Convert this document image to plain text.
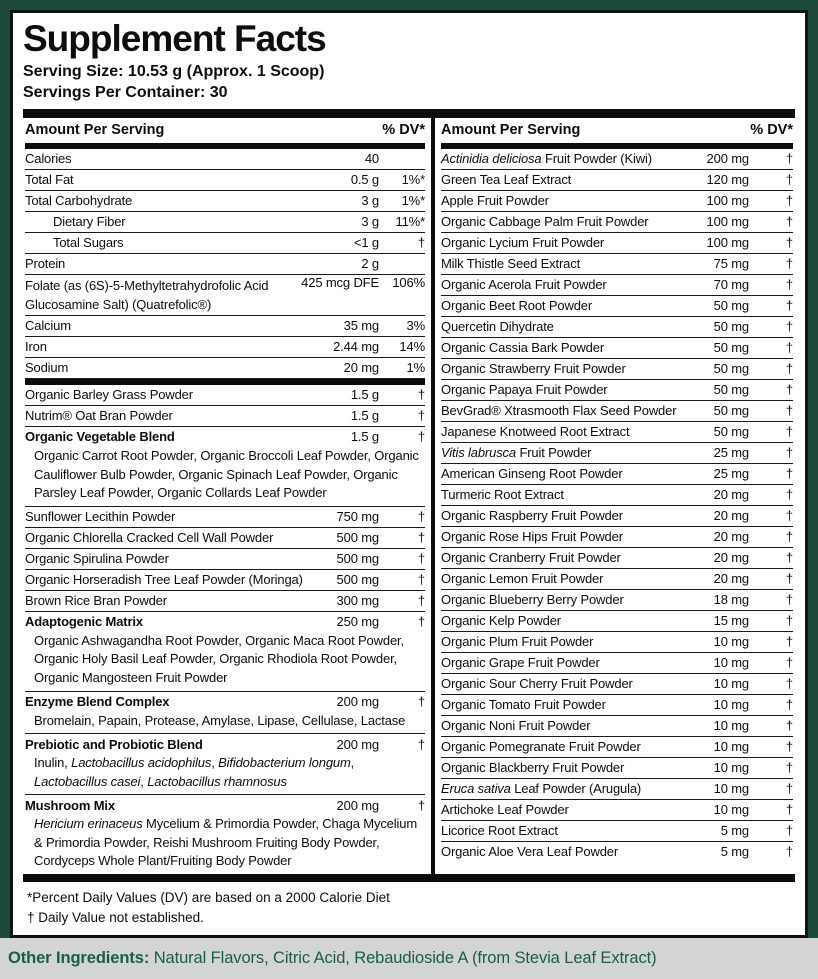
Supplement Facts
Serving Size: 10.53 g (Approx. 1 Scoop)
Servings Per Container: 30
Amount Per Serving	% DV*
Calories	40
Total Fat	0.5 g	1%*
Total Carbohydrate	3 g	1%*
Dietary Fiber	3 g	11%*
Total Sugars	<1 g	†
Protein	2 g
Folate (as (6S)-5-Methyltetrahydrofolic Acid Glucosamine Salt) (Quatrefolic®)
425 mcg DFE	106%
Calcium	35 mg	3%
Iron	2.44 mg	14%
Sodium	20 mg	1%
Organic Barley Grass Powder	1.5 g	†
Nutrim® Oat Bran Powder	1.5 g	†
Organic Vegetable Blend	1.5 g	†
Organic Carrot Root Powder, Organic Broccoli Leaf Powder, Organic Cauliflower Bulb Powder, Organic Spinach Leaf Powder, Organic Parsley Leaf Powder, Organic Collards Leaf Powder
Sunflower Lecithin Powder	750 mg	†
Organic Chlorella Cracked Cell Wall Powder	500 mg	†
Organic Spirulina Powder	500 mg	†
Organic Horseradish Tree Leaf Powder (Moringa)	500 mg	†
Brown Rice Bran Powder	300 mg	†
Adaptogenic Matrix	250 mg	†
Organic Ashwagandha Root Powder, Organic Maca Root Powder, Organic Holy Basil Leaf Powder, Organic Rhodiola Root Powder, Organic Mangosteen Fruit Powder
Enzyme Blend Complex	200 mg	†
Bromelain, Papain, Protease, Amylase, Lipase, Cellulase, Lactase
Prebiotic and Probiotic Blend	200 mg	†
Inulin, Lactobacillus acidophilus, Bifidobacterium longum, Lactobacillus casei, Lactobacillus rhamnosus
Mushroom Mix	200 mg	†
Hericium erinaceus Mycelium & Primordia Powder, Chaga Mycelium & Primordia Powder, Reishi Mushroom Fruiting Body Powder, Cordyceps Whole Plant/Fruiting Body Powder
Amount Per Serving	% DV*
Actinidia deliciosa Fruit Powder (Kiwi)	200 mg	†
Green Tea Leaf Extract	120 mg	†
Apple Fruit Powder	100 mg	†
Organic Cabbage Palm Fruit Powder	100 mg	†
Organic Lycium Fruit Powder	100 mg	†
Milk Thistle Seed Extract	75 mg	†
Organic Acerola Fruit Powder	70 mg	†
Organic Beet Root Powder	50 mg	†
Quercetin Dihydrate	50 mg	†
Organic Cassia Bark Powder	50 mg	†
Organic Strawberry Fruit Powder	50 mg	†
Organic Papaya Fruit Powder	50 mg	†
BevGrad® Xtrasmooth Flax Seed Powder	50 mg	†
Japanese Knotweed Root Extract	50 mg	†
Vitis labrusca Fruit Powder	25 mg	†
American Ginseng Root Powder	25 mg	†
Turmeric Root Extract	20 mg	†
Organic Raspberry Fruit Powder	20 mg	†
Organic Rose Hips Fruit Powder	20 mg	†
Organic Cranberry Fruit Powder	20 mg	†
Organic Lemon Fruit Powder	20 mg	†
Organic Blueberry Berry Powder	18 mg	†
Organic Kelp Powder	15 mg	†
Organic Plum Fruit Powder	10 mg	†
Organic Grape Fruit Powder	10 mg	†
Organic Sour Cherry Fruit Powder	10 mg	†
Organic Tomato Fruit Powder	10 mg	†
Organic Noni Fruit Powder	10 mg	†
Organic Pomegranate Fruit Powder	10 mg	†
Organic Blackberry Fruit Powder	10 mg	†
Eruca sativa Leaf Powder (Arugula)	10 mg	†
Artichoke Leaf Powder	10 mg	†
Licorice Root Extract	5 mg	†
Organic Aloe Vera Leaf Powder	5 mg	†
*Percent Daily Values (DV) are based on a 2000 Calorie Diet
† Daily Value not established.
Other Ingredients: Natural Flavors, Citric Acid, Rebaudioside A (from Stevia Leaf Extract)
